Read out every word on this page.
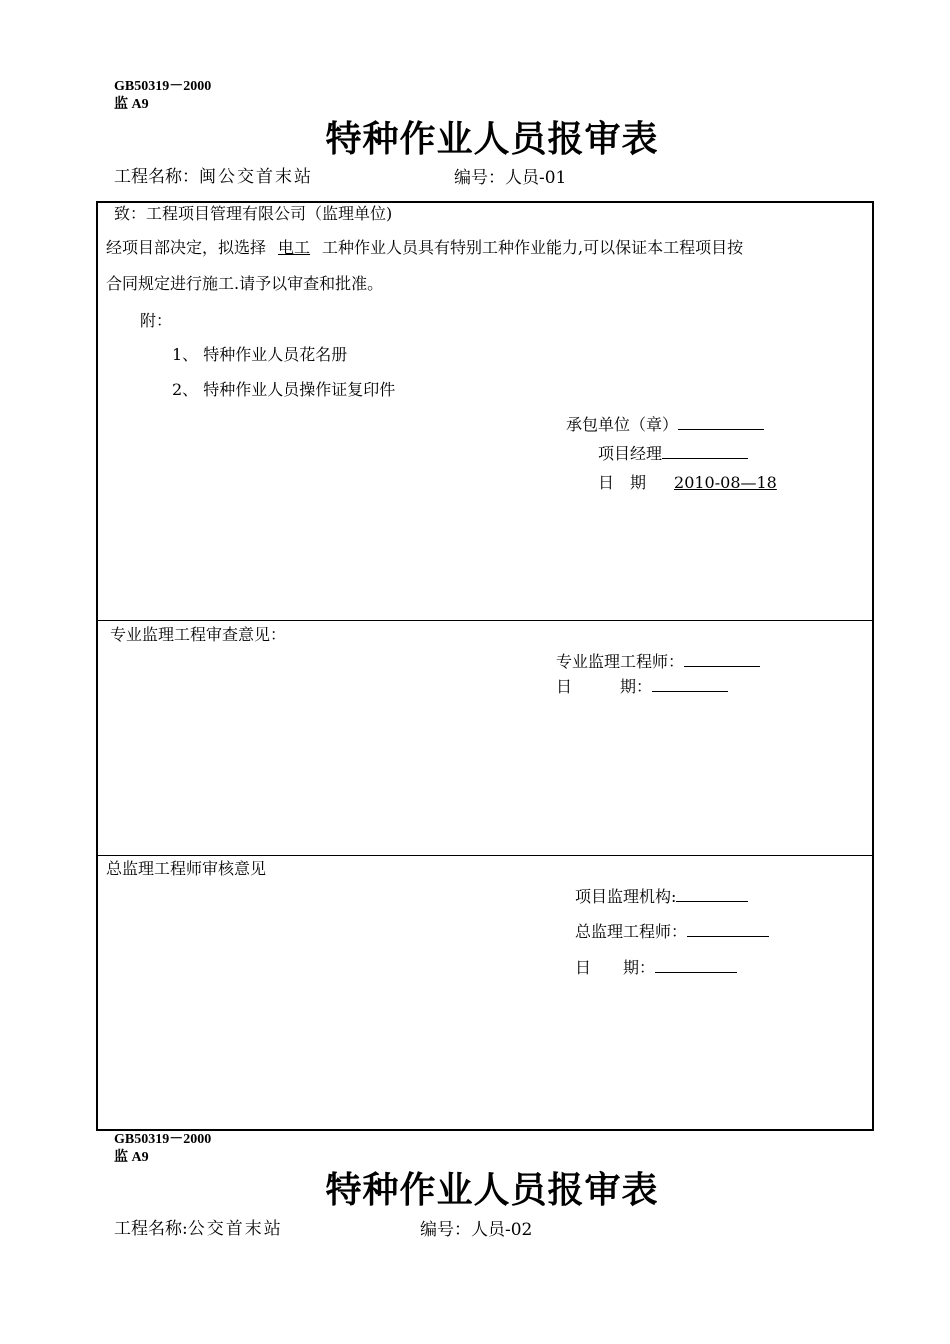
GB50319－2000
监 A9
特种作业人员报审表
工程名称：闽公交首末站	编号：人员-01
致：工程项目管理有限公司（监理单位)
经项目部决定，拟选择 电工 工种作业人员具有特别工种作业能力,可以保证本工程项目按
合同规定进行施工.请予以审查和批准。
附：
1、 特种作业人员花名册
2、 特种作业人员操作证复印件
承包单位（章）
项目经理
日　期 2010-08—18
专业监理工程审查意见：
专业监理工程师：
日　　　期：
总监理工程师审核意见
项目监理机构:
总监理工程师：
日　　期：
GB50319－2000
监 A9
特种作业人员报审表
工程名称:公交首末站	编号：人员-02
